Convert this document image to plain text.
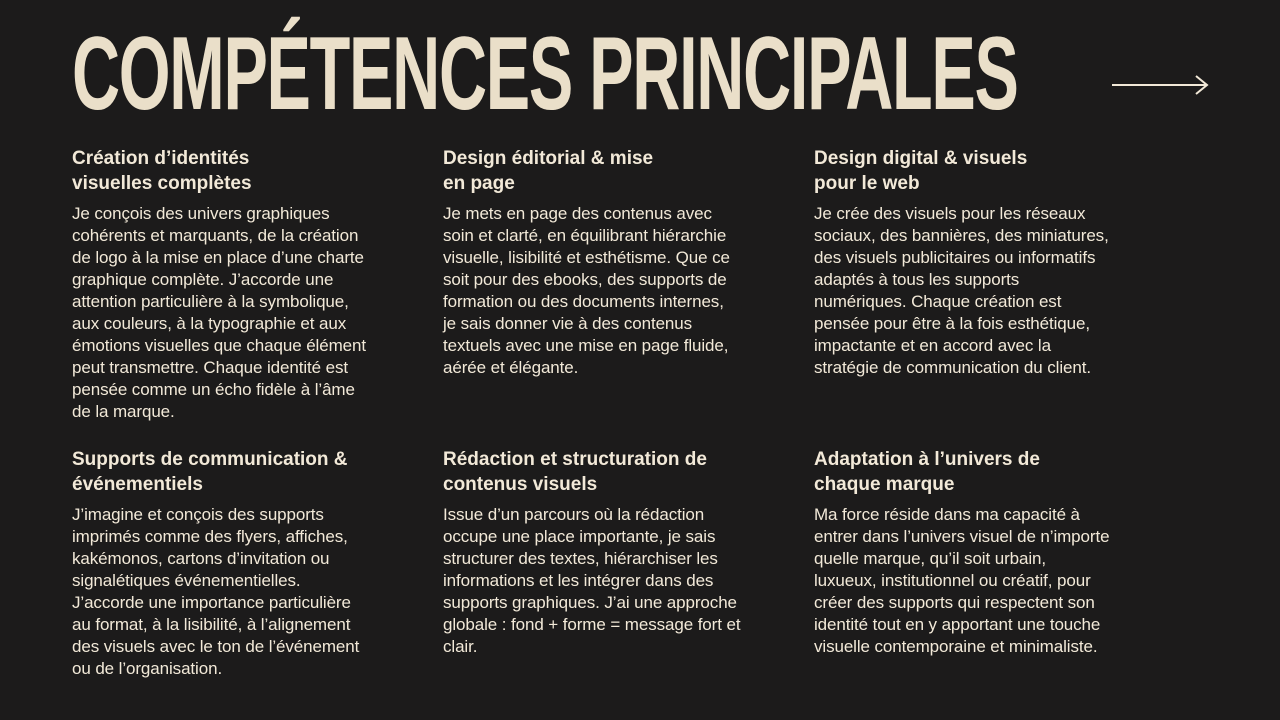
COMPÉTENCES PRINCIPALES
Création d’identités
visuelles complètes

Je conçois des univers graphiques
cohérents et marquants, de la création
de logo à la mise en place d’une charte
graphique complète. J’accorde une
attention particulière à la symbolique,
aux couleurs, à la typographie et aux
émotions visuelles que chaque élément
peut transmettre. Chaque identité est
pensée comme un écho fidèle à l’âme
de la marque.

Design éditorial & mise
en page

Je mets en page des contenus avec
soin et clarté, en équilibrant hiérarchie
visuelle, lisibilité et esthétisme. Que ce
soit pour des ebooks, des supports de
formation ou des documents internes,
je sais donner vie à des contenus
textuels avec une mise en page fluide,
aérée et élégante.

Design digital & visuels
pour le web

Je crée des visuels pour les réseaux
sociaux, des bannières, des miniatures,
des visuels publicitaires ou informatifs
adaptés à tous les supports
numériques. Chaque création est
pensée pour être à la fois esthétique,
impactante et en accord avec la
stratégie de communication du client.

Supports de communication &
événementiels

J’imagine et conçois des supports
imprimés comme des flyers, affiches,
kakémonos, cartons d’invitation ou
signalétiques événementielles.
J’accorde une importance particulière
au format, à la lisibilité, à l’alignement
des visuels avec le ton de l’événement
ou de l’organisation.

Rédaction et structuration de
contenus visuels

Issue d’un parcours où la rédaction
occupe une place importante, je sais
structurer des textes, hiérarchiser les
informations et les intégrer dans des
supports graphiques. J’ai une approche
globale : fond + forme = message fort et
clair.

Adaptation à l’univers de
chaque marque

Ma force réside dans ma capacité à
entrer dans l’univers visuel de n’importe
quelle marque, qu’il soit urbain,
luxueux, institutionnel ou créatif, pour
créer des supports qui respectent son
identité tout en y apportant une touche
visuelle contemporaine et minimaliste.
